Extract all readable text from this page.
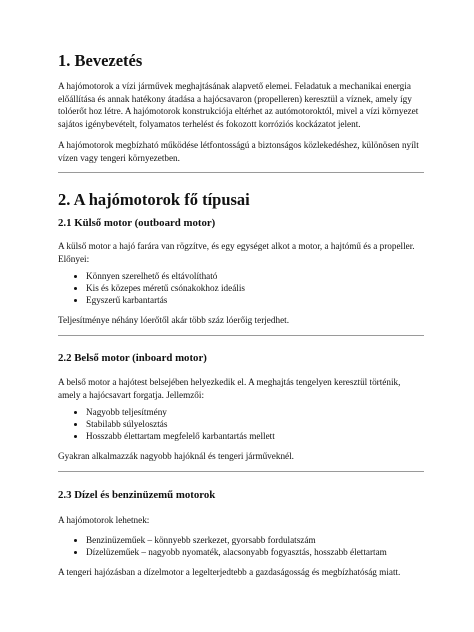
1. Bevezetés

A hajómotorok a vízi járművek meghajtásának alapvető elemei. Feladatuk a mechanikai energia előállítása és annak hatékony átadása a hajócsavaron (propelleren) keresztül a víznek, amely így tolóerőt hoz létre. A hajómotorok konstrukciója eltérhet az autómotoroktól, mivel a vízi környezet sajátos igénybevételt, folyamatos terhelést és fokozott korróziós kockázatot jelent.

A hajómotorok megbízható működése létfontosságú a biztonságos közlekedéshez, különösen nyílt vízen vagy tengeri környezetben.

2. A hajómotorok fő típusai
2.1 Külső motor (outboard motor)

A külső motor a hajó farára van rögzítve, és egy egységet alkot a motor, a hajtómű és a propeller. Előnyei:

• Könnyen szerelhető és eltávolítható
• Kis és közepes méretű csónakokhoz ideális
• Egyszerű karbantartás

Teljesítménye néhány lóerőtől akár több száz lóerőig terjedhet.

2.2 Belső motor (inboard motor)

A belső motor a hajótest belsejében helyezkedik el. A meghajtás tengelyen keresztül történik, amely a hajócsavart forgatja. Jellemzői:

• Nagyobb teljesítmény
• Stabilabb súlyelosztás
• Hosszabb élettartam megfelelő karbantartás mellett

Gyakran alkalmazzák nagyobb hajóknál és tengeri járműveknél.

2.3 Dízel és benzinüzemű motorok

A hajómotorok lehetnek:

• Benzinüzeműek – könnyebb szerkezet, gyorsabb fordulatszám
• Dízelüzeműek – nagyobb nyomaték, alacsonyabb fogyasztás, hosszabb élettartam

A tengeri hajózásban a dízelmotor a legelterjedtebb a gazdaságosság és megbízhatóság miatt.
